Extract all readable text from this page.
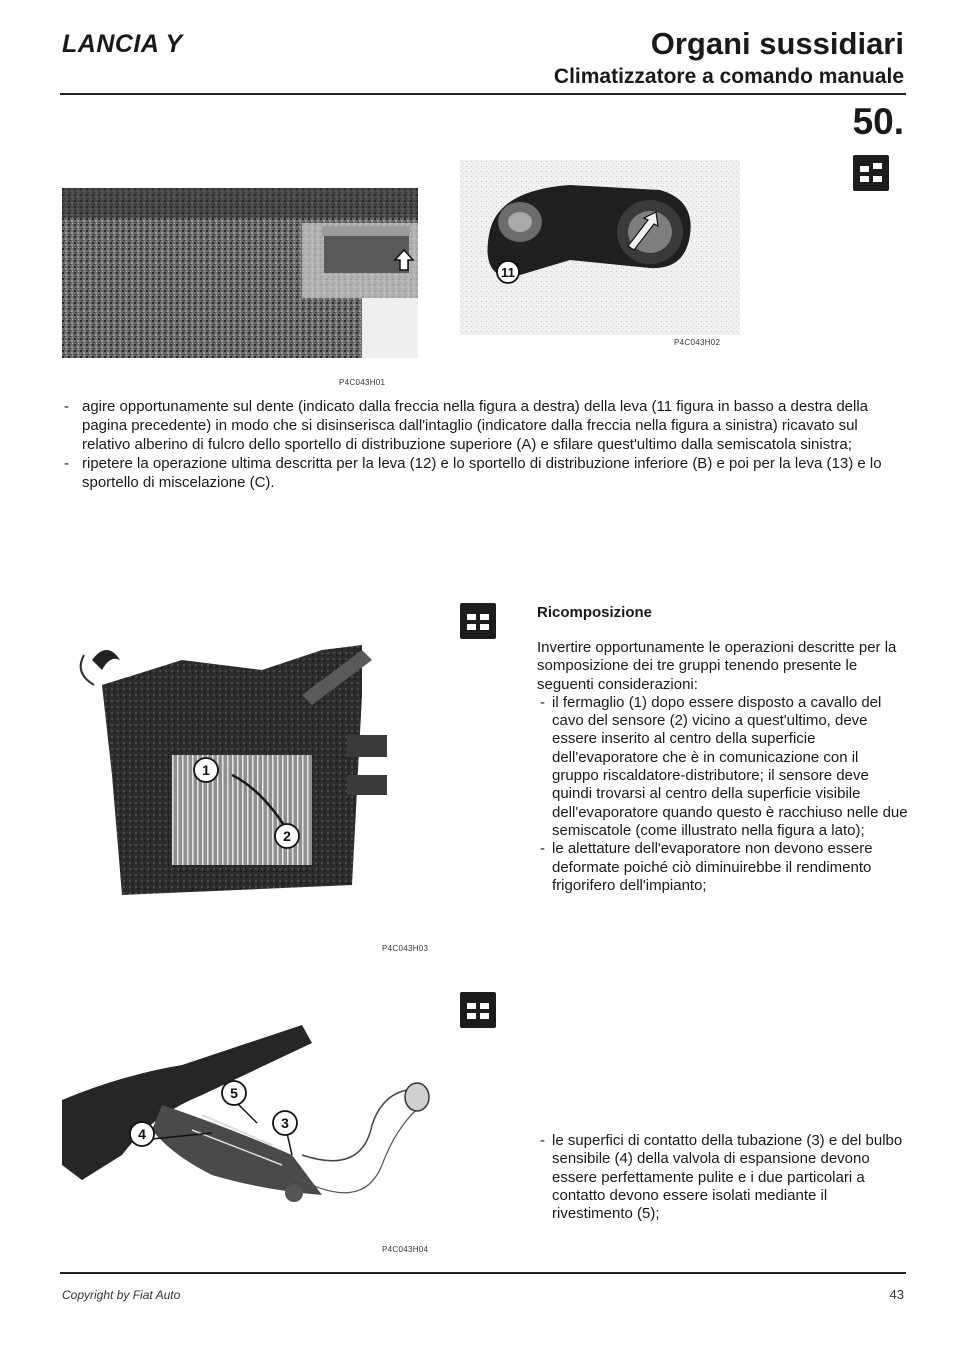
LANCIA Y	Organi sussidiari
Climatizzatore a comando manuale
50.
P4C043H01
11
P4C043H02
- agire opportunamente sul dente (indicato dalla freccia nella figura a destra) della leva (11 figura in basso a destra della pagina precedente) in modo che si disinserisca dall'intaglio (indicatore dalla freccia nella figura a sinistra) ricavato sul relativo alberino di fulcro dello sportello di distribuzione superiore (A) e sfilare quest'ultimo dalla semiscatola sinistra;
- ripetere la operazione ultima descritta per la leva (12) e lo sportello di distribuzione inferiore (B) e poi per la leva (13) e lo sportello di miscelazione (C).
1
2
P4C043H03
Ricomposizione

Invertire opportunamente le operazioni descritte per la somposizione dei tre gruppi tenendo presente le seguenti considerazioni:

- il fermaglio (1) dopo essere disposto a cavallo del cavo del sensore (2) vicino a quest'ultimo, deve essere inserito al centro della superficie dell'evaporatore che è in comunicazione con il gruppo riscaldatore-distributore; il sensore deve quindi trovarsi al centro della superficie visibile dell'evaporatore quando questo è racchiuso nelle due semiscatole (come illustrato nella figura a lato);
- le alettature dell'evaporatore non devono essere deformate poiché ciò diminuirebbe il rendimento frigorifero dell'impianto;
5
3
4
P4C043H04
- le superfici di contatto della tubazione (3) e del bulbo sensibile (4) della valvola di espansione devono essere perfettamente pulite e i due particolari a contatto devono essere isolati mediante il rivestimento (5);
Copyright by Fiat Auto	43
